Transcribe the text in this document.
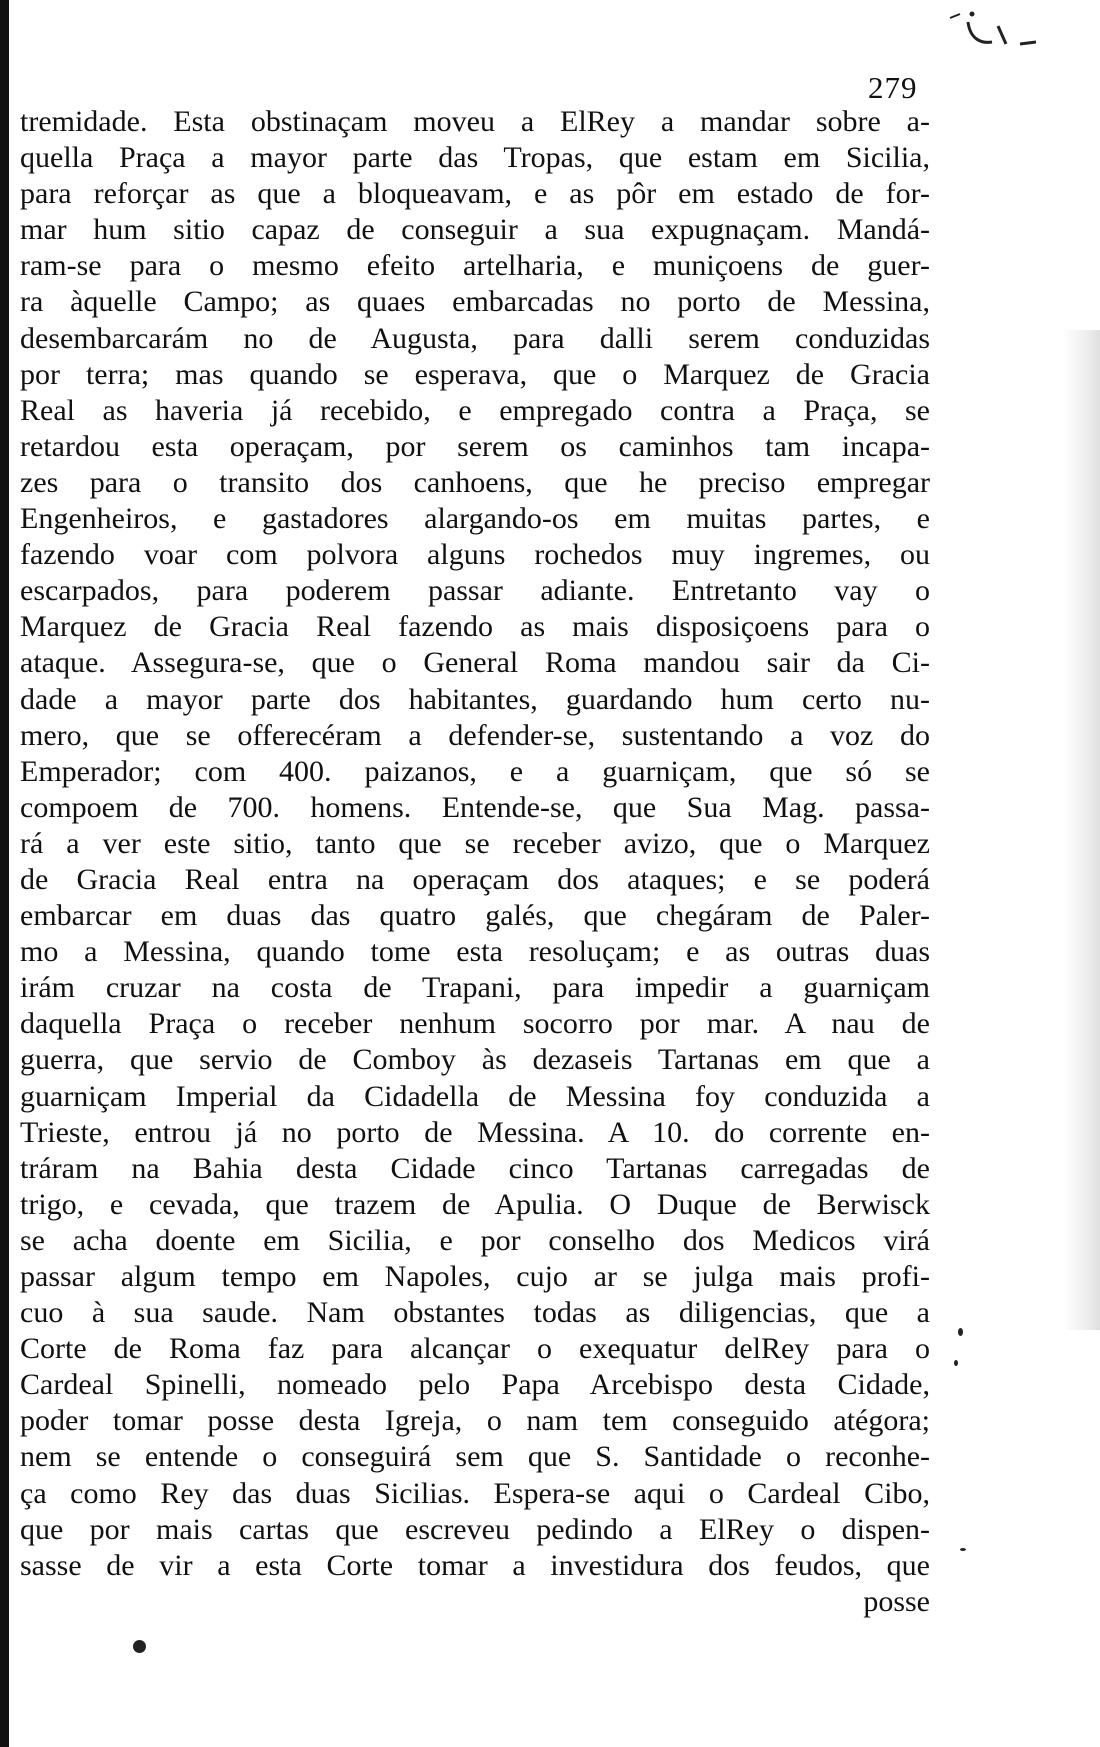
279
tremidade. Esta obstinaçam moveu a ElRey a mandar sobre a-
quella Praça a mayor parte das Tropas, que estam em Sicilia,
para reforçar as que a bloqueavam, e as pôr em estado de for-
mar hum sitio capaz de conseguir a sua expugnaçam. Mandá-
ram-se para o mesmo efeito artelharia, e muniçoens de guer-
ra àquelle Campo; as quaes embarcadas no porto de Messina,
desembarcarám no de Augusta, para dalli serem conduzidas
por terra; mas quando se esperava, que o Marquez de Gracia
Real as haveria já recebido, e empregado contra a Praça, se
retardou esta operaçam, por serem os caminhos tam incapa-
zes para o transito dos canhoens, que he preciso empregar
Engenheiros, e gastadores alargando-os em muitas partes, e
fazendo voar com polvora alguns rochedos muy ingremes, ou
escarpados, para poderem passar adiante. Entretanto vay o
Marquez de Gracia Real fazendo as mais disposiçoens para o
ataque. Assegura-se, que o General Roma mandou sair da Ci-
dade a mayor parte dos habitantes, guardando hum certo nu-
mero, que se offerecéram a defender-se, sustentando a voz do
Emperador; com 400. paizanos, e a guarniçam, que só se
compoem de 700. homens. Entende-se, que Sua Mag. passa-
rá a ver este sitio, tanto que se receber avizo, que o Marquez
de Gracia Real entra na operaçam dos ataques; e se poderá
embarcar em duas das quatro galés, que chegáram de Paler-
mo a Messina, quando tome esta resoluçam; e as outras duas
irám cruzar na costa de Trapani, para impedir a guarniçam
daquella Praça o receber nenhum socorro por mar. A nau de
guerra, que servio de Comboy às dezaseis Tartanas em que a
guarniçam Imperial da Cidadella de Messina foy conduzida a
Trieste, entrou já no porto de Messina. A 10. do corrente en-
tráram na Bahia desta Cidade cinco Tartanas carregadas de
trigo, e cevada, que trazem de Apulia. O Duque de Berwisck
se acha doente em Sicilia, e por conselho dos Medicos virá
passar algum tempo em Napoles, cujo ar se julga mais profi-
cuo à sua saude. Nam obstantes todas as diligencias, que a
Corte de Roma faz para alcançar o exequatur delRey para o
Cardeal Spinelli, nomeado pelo Papa Arcebispo desta Cidade,
poder tomar posse desta Igreja, o nam tem conseguido atégora;
nem se entende o conseguirá sem que S. Santidade o reconhe-
ça como Rey das duas Sicilias. Espera-se aqui o Cardeal Cibo,
que por mais cartas que escreveu pedindo a ElRey o dispen-
sasse de vir a esta Corte tomar a investidura dos feudos, que
posse
